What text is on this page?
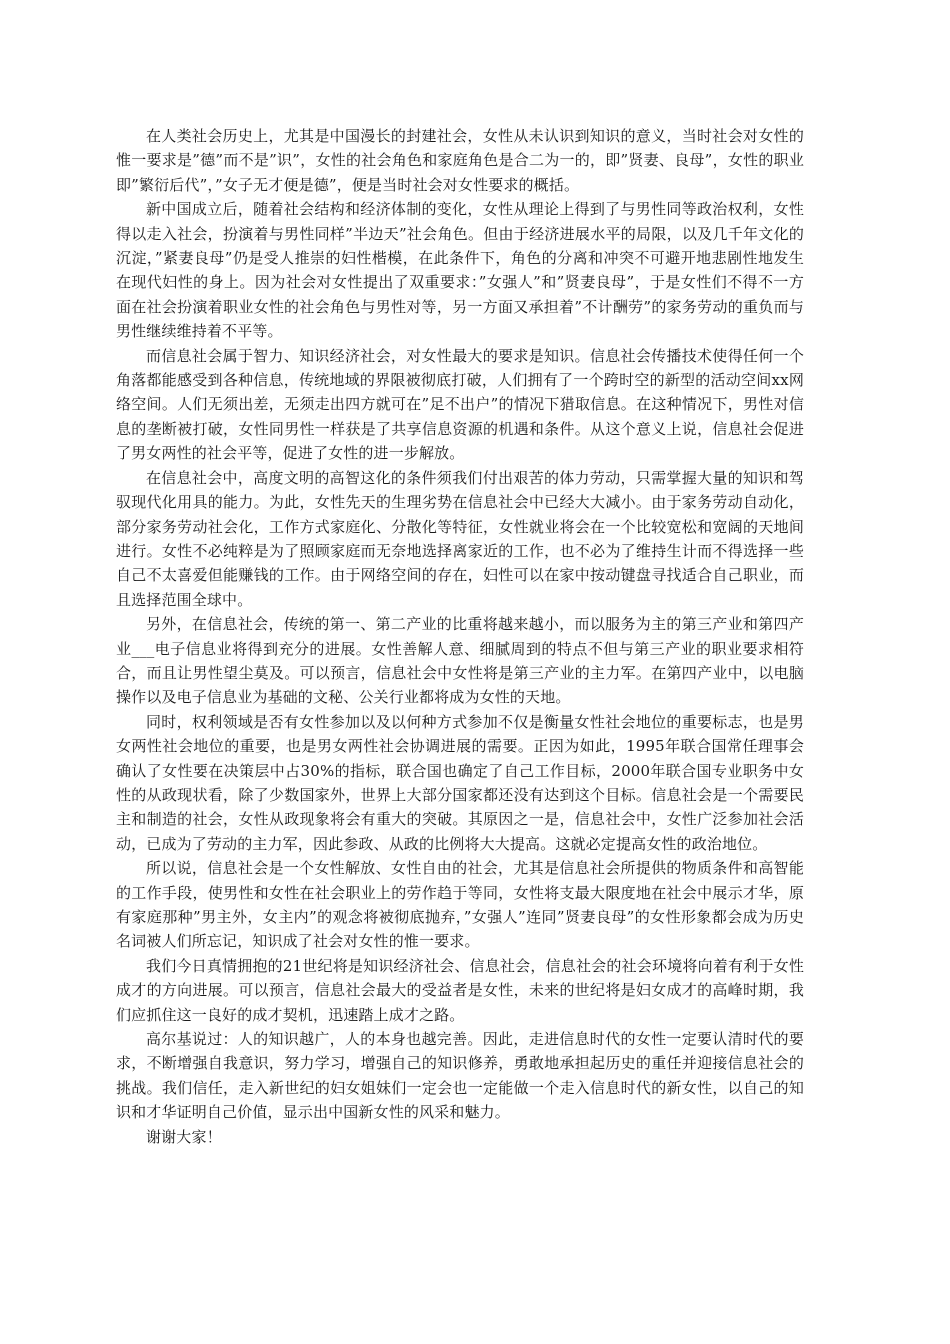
在人类社会历史上，尤其是中国漫长的封建社会，女性从未认识到知识的意义，当时社会对女性的惟一要求是”德”而不是”识”，女性的社会角色和家庭角色是合二为一的，即”贤妻、良母”，女性的职业即”繁衍后代”，”女子无才便是德”，便是当时社会对女性要求的概括。

新中国成立后，随着社会结构和经济体制的变化，女性从理论上得到了与男性同等政治权利，女性得以走入社会，扮演着与男性同样”半边天”社会角色。但由于经济进展水平的局限，以及几千年文化的沉淀，”紧妻良母”仍是受人推崇的妇性楷模，在此条件下，角色的分离和冲突不可避开地悲剧性地发生在现代妇性的身上。因为社会对女性提出了双重要求：”女强人”和”贤妻良母”，于是女性们不得不一方面在社会扮演着职业女性的社会角色与男性对等，另一方面又承担着”不计酬劳”的家务劳动的重负而与男性继续维持着不平等。

而信息社会属于智力、知识经济社会，对女性最大的要求是知识。信息社会传播技术使得任何一个角落都能感受到各种信息，传统地域的界限被彻底打破，人们拥有了一个跨时空的新型的活动空间xx网络空间。人们无须出差，无须走出四方就可在”足不出户”的情况下猎取信息。在这种情况下，男性对信息的垄断被打破，女性同男性一样获是了共享信息资源的机遇和条件。从这个意义上说，信息社会促进了男女两性的社会平等，促进了女性的进一步解放。

在信息社会中，高度文明的高智这化的条件须我们付出艰苦的体力劳动，只需掌握大量的知识和驾驭现代化用具的能力。为此，女性先天的生理劣势在信息社会中已经大大减小。由于家务劳动自动化，部分家务劳动社会化，工作方式家庭化、分散化等特征，女性就业将会在一个比较宽松和宽阔的天地间进行。女性不必纯粹是为了照顾家庭而无奈地选择离家近的工作，也不必为了维持生计而不得选择一些自己不太喜爱但能赚钱的工作。由于网络空间的存在，妇性可以在家中按动键盘寻找适合自己职业，而且选择范围全球中。

另外，在信息社会，传统的第一、第二产业的比重将越来越小，而以服务为主的第三产业和第四产业___电子信息业将得到充分的进展。女性善解人意、细腻周到的特点不但与第三产业的职业要求相符合，而且让男性望尘莫及。可以预言，信息社会中女性将是第三产业的主力军。在第四产业中，以电脑操作以及电子信息业为基础的文秘、公关行业都将成为女性的天地。

同时，权利领域是否有女性参加以及以何种方式参加不仅是衡量女性社会地位的重要标志，也是男女两性社会地位的重要，也是男女两性社会协调进展的需要。正因为如此，1995年联合国常任理事会确认了女性要在决策层中占30%的指标，联合国也确定了自己工作目标，2000年联合国专业职务中女性的从政现状看，除了少数国家外，世界上大部分国家都还没有达到这个目标。信息社会是一个需要民主和制造的社会，女性从政现象将会有重大的突破。其原因之一是，信息社会中，女性广泛参加社会活动，已成为了劳动的主力军，因此参政、从政的比例将大大提高。这就必定提高女性的政治地位。

所以说，信息社会是一个女性解放、女性自由的社会，尤其是信息社会所提供的物质条件和高智能的工作手段，使男性和女性在社会职业上的劳作趋于等同，女性将支最大限度地在社会中展示才华，原有家庭那种”男主外，女主内”的观念将被彻底抛弃，”女强人”连同”贤妻良母”的女性形象都会成为历史名词被人们所忘记，知识成了社会对女性的惟一要求。

我们今日真情拥抱的21世纪将是知识经济社会、信息社会，信息社会的社会环境将向着有利于女性成才的方向进展。可以预言，信息社会最大的受益者是女性，未来的世纪将是妇女成才的高峰时期，我们应抓住这一良好的成才契机，迅速踏上成才之路。

高尔基说过：人的知识越广，人的本身也越完善。因此，走进信息时代的女性一定要认清时代的要求，不断增强自我意识，努力学习，增强自己的知识修养，勇敢地承担起历史的重任并迎接信息社会的挑战。我们信任，走入新世纪的妇女姐妹们一定会也一定能做一个走入信息时代的新女性，以自己的知识和才华证明自己价值，显示出中国新女性的风采和魅力。

谢谢大家！
